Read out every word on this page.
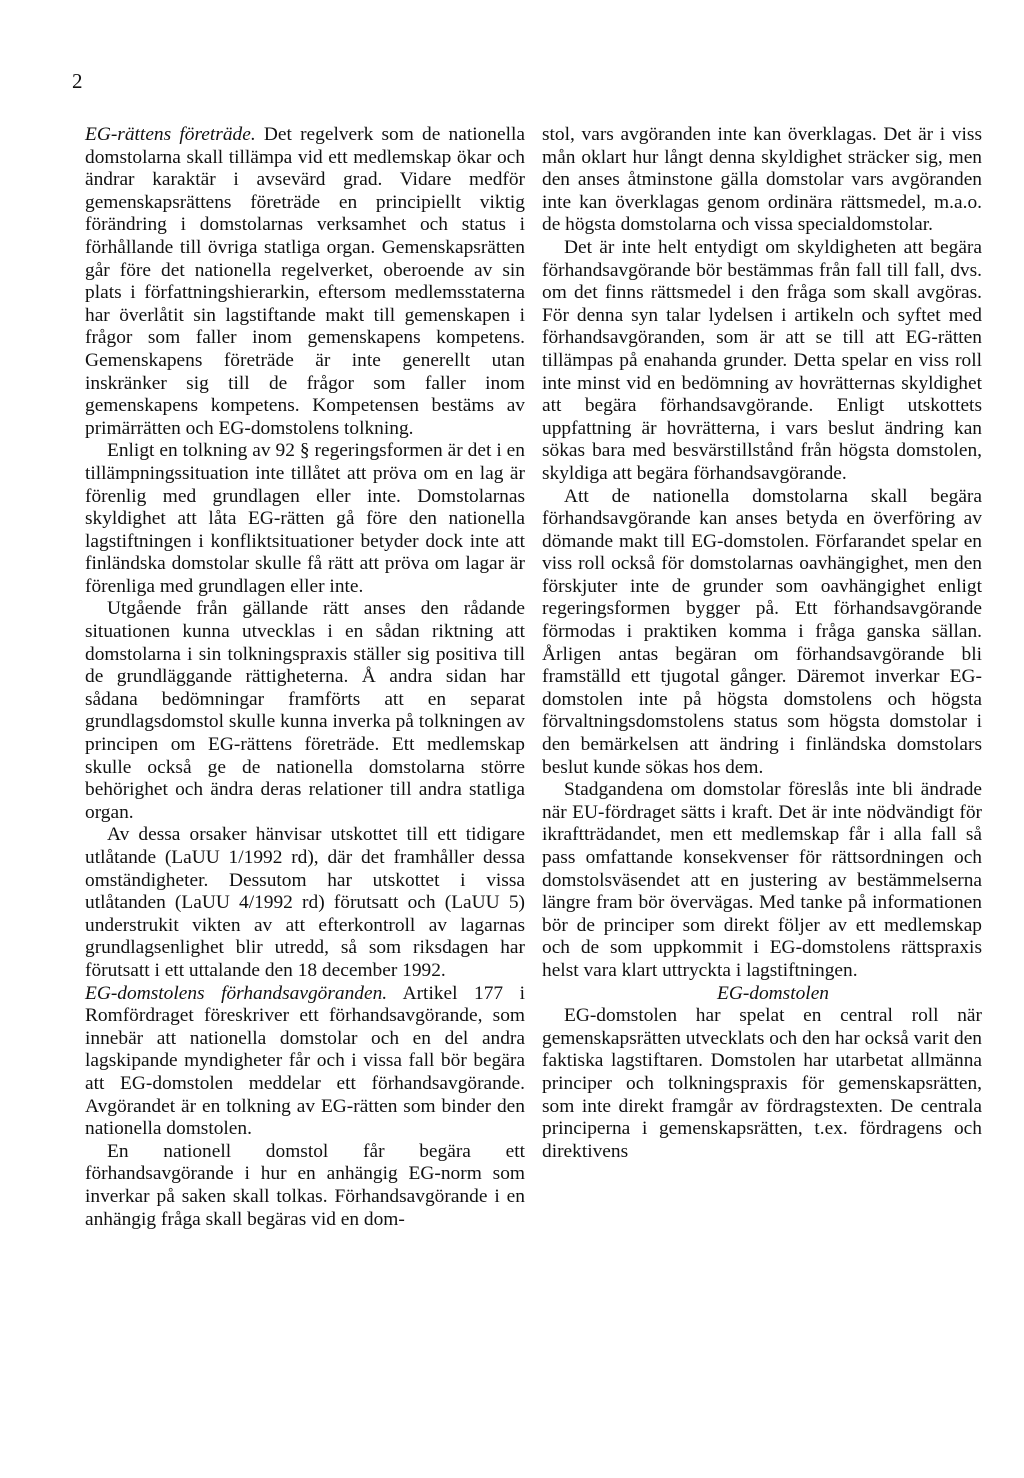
2

EG-rättens företräde. Det regelverk som de nationella domstolarna skall tillämpa vid ett medlemskap ökar och ändrar karaktär i avsevärd grad. Vidare medför gemenskapsrättens företräde en principiellt viktig förändring i domstolarnas verksamhet och status i förhållande till övriga statliga organ. Gemenskapsrätten går före det nationella regelverket, oberoende av sin plats i författningshierarkin, eftersom medlemsstaterna har överlåtit sin lagstiftande makt till gemenskapen i frågor som faller inom gemenskapens kompetens. Gemenskapens företräde är inte generellt utan inskränker sig till de frågor som faller inom gemenskapens kompetens. Kompetensen bestäms av primärrätten och EG-domstolens tolkning.

Enligt en tolkning av 92 § regeringsformen är det i en tillämpningssituation inte tillåtet att pröva om en lag är förenlig med grundlagen eller inte. Domstolarnas skyldighet att låta EG-rätten gå före den nationella lagstiftningen i konfliktsituationer betyder dock inte att finländska domstolar skulle få rätt att pröva om lagar är förenliga med grundlagen eller inte.

Utgående från gällande rätt anses den rådande situationen kunna utvecklas i en sådan riktning att domstolarna i sin tolkningspraxis ställer sig positiva till de grundläggande rättigheterna. Å andra sidan har sådana bedömningar framförts att en separat grundlagsdomstol skulle kunna inverka på tolkningen av principen om EG-rättens företräde. Ett medlemskap skulle också ge de nationella domstolarna större behörighet och ändra deras relationer till andra statliga organ.

Av dessa orsaker hänvisar utskottet till ett tidigare utlåtande (LaUU 1/1992 rd), där det framhåller dessa omständigheter. Dessutom har utskottet i vissa utlåtanden (LaUU 4/1992 rd) förutsatt och (LaUU 5) understrukit vikten av att efterkontroll av lagarnas grundlagsenlighet blir utredd, så som riksdagen har förutsatt i ett uttalande den 18 december 1992.

EG-domstolens förhandsavgöranden. Artikel 177 i Romfördraget föreskriver ett förhandsavgörande, som innebär att nationella domstolar och en del andra lagskipande myndigheter får och i vissa fall bör begära att EG-domstolen meddelar ett förhandsavgörande. Avgörandet är en tolkning av EG-rätten som binder den nationella domstolen.

En nationell domstol får begära ett förhandsavgörande i hur en anhängig EG-norm som inverkar på saken skall tolkas. Förhandsavgörande i en anhängig fråga skall begäras vid en dom-

stol, vars avgöranden inte kan överklagas. Det är i viss mån oklart hur långt denna skyldighet sträcker sig, men den anses åtminstone gälla domstolar vars avgöranden inte kan överklagas genom ordinära rättsmedel, m.a.o. de högsta domstolarna och vissa specialdomstolar.

Det är inte helt entydigt om skyldigheten att begära förhandsavgörande bör bestämmas från fall till fall, dvs. om det finns rättsmedel i den fråga som skall avgöras. För denna syn talar lydelsen i artikeln och syftet med förhandsavgöranden, som är att se till att EG-rätten tillämpas på enahanda grunder. Detta spelar en viss roll inte minst vid en bedömning av hovrätternas skyldighet att begära förhandsavgörande. Enligt utskottets uppfattning är hovrätterna, i vars beslut ändring kan sökas bara med besvärstillstånd från högsta domstolen, skyldiga att begära förhandsavgörande.

Att de nationella domstolarna skall begära förhandsavgörande kan anses betyda en överföring av dömande makt till EG-domstolen. Förfarandet spelar en viss roll också för domstolarnas oavhängighet, men den förskjuter inte de grunder som oavhängighet enligt regeringsformen bygger på. Ett förhandsavgörande förmodas i praktiken komma i fråga ganska sällan. Årligen antas begäran om förhandsavgörande bli framställd ett tjugotal gånger. Däremot inverkar EG-domstolen inte på högsta domstolens och högsta förvaltningsdomstolens status som högsta domstolar i den bemärkelsen att ändring i finländska domstolars beslut kunde sökas hos dem.

Stadgandena om domstolar föreslås inte bli ändrade när EU-fördraget sätts i kraft. Det är inte nödvändigt för ikraftträdandet, men ett medlemskap får i alla fall så pass omfattande konsekvenser för rättsordningen och domstolsväsendet att en justering av bestämmelserna längre fram bör övervägas. Med tanke på informationen bör de principer som direkt följer av ett medlemskap och de som uppkommit i EG-domstolens rättspraxis helst vara klart uttryckta i lagstiftningen.

EG-domstolen

EG-domstolen har spelat en central roll när gemenskapsrätten utvecklats och den har också varit den faktiska lagstiftaren. Domstolen har utarbetat allmänna principer och tolkningspraxis för gemenskapsrätten, som inte direkt framgår av fördragstexten. De centrala principerna i gemenskapsrätten, t.ex. fördragens och direktivens
